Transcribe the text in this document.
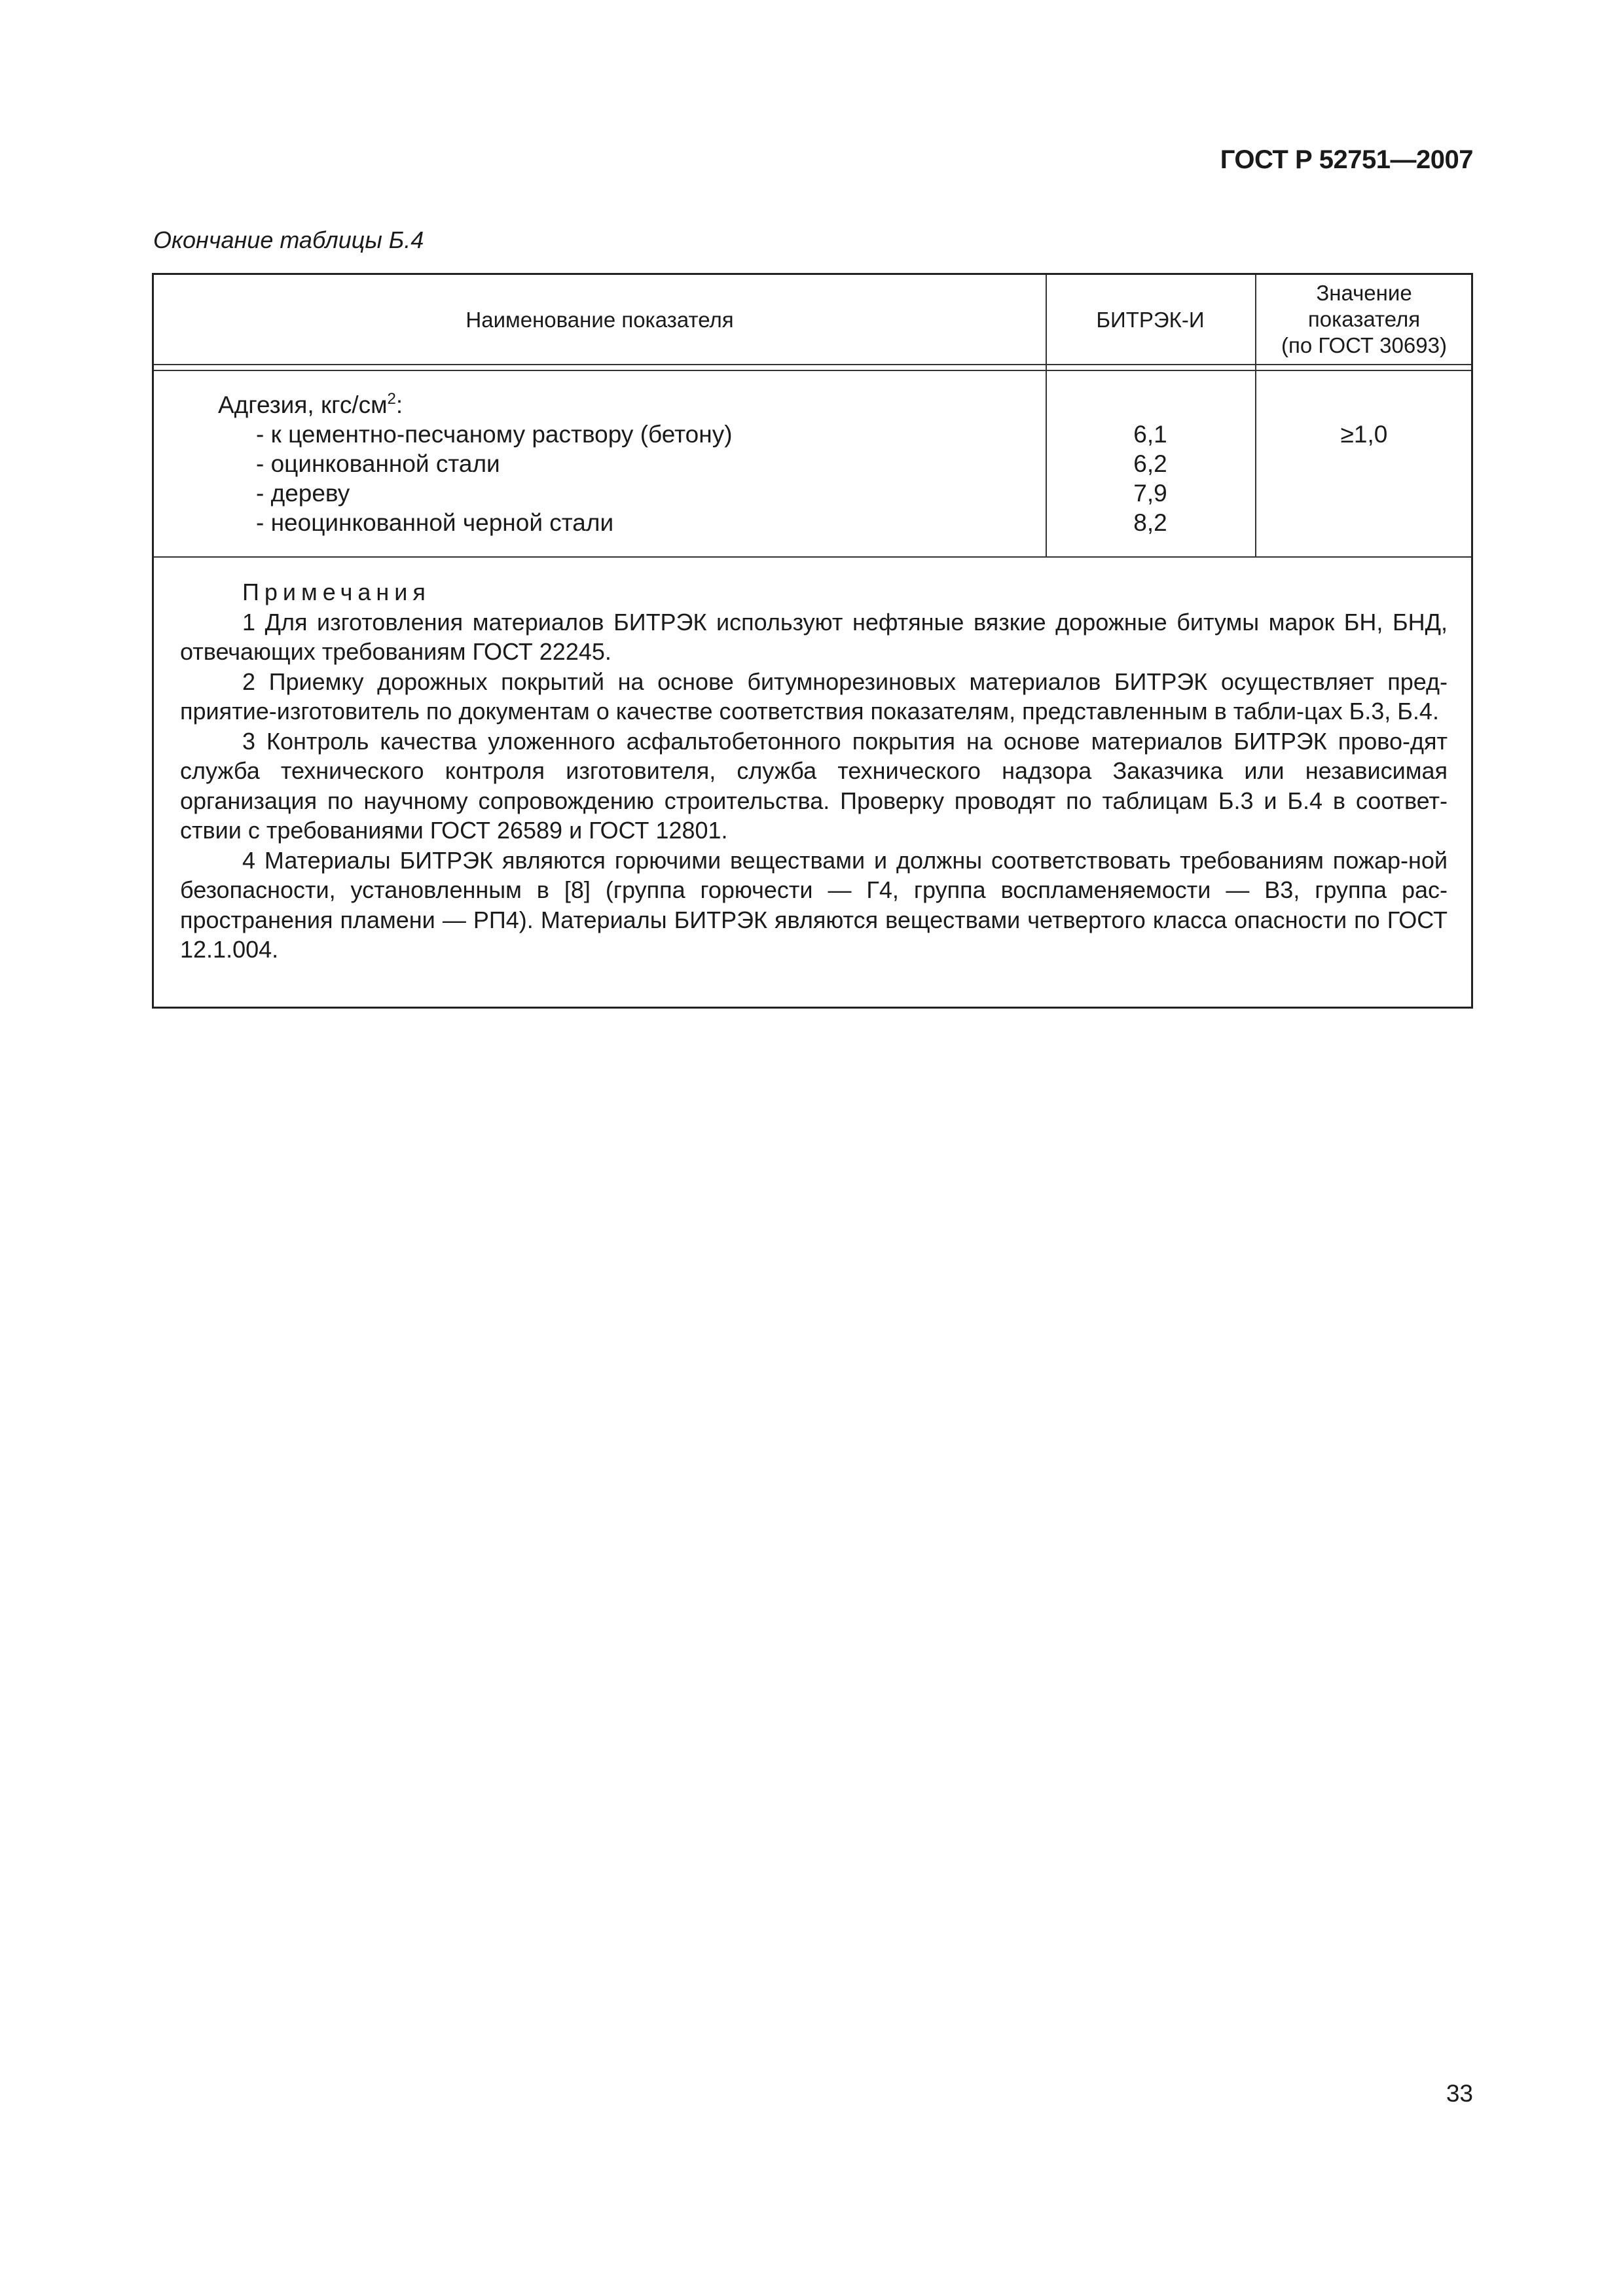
ГОСТ Р 52751—2007
Окончание таблицы Б.4
Наименование показателя	БИТРЭК-И
Значение
показателя
(по ГОСТ 30693)
Адгезия, кгс/$см^2$:
- к цементно-песчаному раствору (бетону)
- оцинкованной стали
- дереву
- неоцинкованной черной стали
6,1
6,2
7,9
8,2
≥1,0
Примечания

1 Для изготовления материалов БИТРЭК используют нефтяные вязкие дорожные битумы марок БН, БНД, отвечающих требованиям ГОСТ 22245.

2 Приемку дорожных покрытий на основе битумнорезиновых материалов БИТРЭК осуществляет пред-приятие-изготовитель по документам о качестве соответствия показателям, представленным в табли-цах Б.3, Б.4.

3 Контроль качества уложенного асфальтобетонного покрытия на основе материалов БИТРЭК прово-дят служба технического контроля изготовителя, служба технического надзора Заказчика или независимая организация по научному сопровождению строительства. Проверку проводят по таблицам Б.3 и Б.4 в соответ-ствии с требованиями ГОСТ 26589 и ГОСТ 12801.

4 Материалы БИТРЭК являются горючими веществами и должны соответствовать требованиям пожар-ной безопасности, установленным в [8] (группа горючести — Г4, группа воспламеняемости — В3, группа рас-пространения пламени — РП4). Материалы БИТРЭК являются веществами четвертого класса опасности по ГОСТ 12.1.004.

33
